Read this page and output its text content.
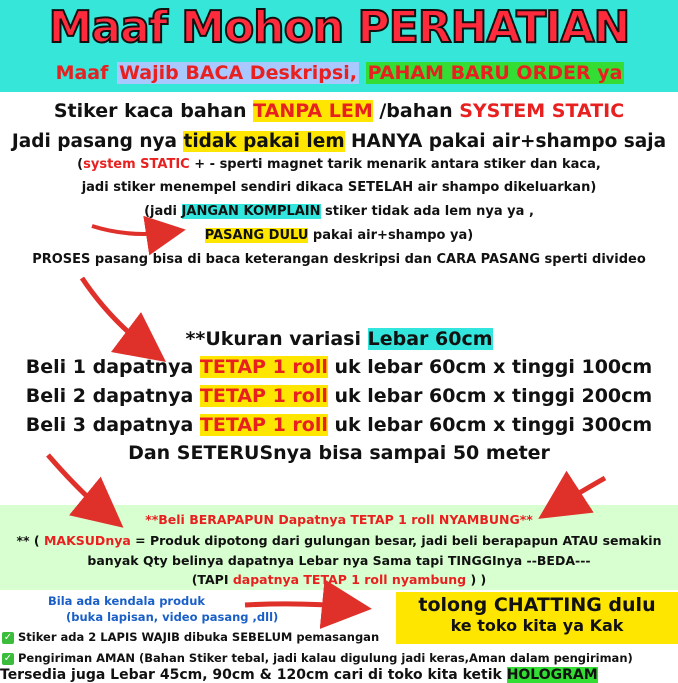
Maaf Mohon PERHATIAN
Maaf Wajib BACA Deskripsi, PAHAM BARU ORDER ya
Stiker kaca bahan TANPA LEM /bahan SYSTEM STATIC
Jadi pasang nya tidak pakai lem HANYA pakai air+shampo saja
(system STATIC + - sperti magnet tarik menarik antara stiker dan kaca,
jadi stiker menempel sendiri dikaca SETELAH air shampo dikeluarkan)
(jadi JANGAN KOMPLAIN stiker tidak ada lem nya ya ,
PASANG DULU pakai air+shampo ya)
PROSES pasang bisa di baca keterangan deskripsi dan CARA PASANG sperti divideo
**Ukuran variasi Lebar 60cm
Beli 1 dapatnya TETAP 1 roll uk lebar 60cm x tinggi 100cm
Beli 2 dapatnya TETAP 1 roll uk lebar 60cm x tinggi 200cm
Beli 3 dapatnya TETAP 1 roll uk lebar 60cm x tinggi 300cm
Dan SETERUSnya bisa sampai 50 meter
**Beli BERAPAPUN Dapatnya TETAP 1 roll NYAMBUNG**
** ( MAKSUDnya = Produk dipotong dari gulungan besar, jadi beli berapapun ATAU semakin
banyak Qty belinya dapatnya Lebar nya Sama tapi TINGGInya --BEDA---
(TAPI dapatnya TETAP 1 roll nyambung ) )
Bila ada kendala produk
(buka lapisan, video pasang ,dll)
tolong CHATTING dulu
ke toko kita ya Kak
✓ Stiker ada 2 LAPIS WAJIB dibuka SEBELUM pemasangan
✓ Pengiriman AMAN (Bahan Stiker tebal, jadi kalau digulung jadi keras,Aman dalam pengiriman)
Tersedia juga Lebar 45cm, 90cm & 120cm cari di toko kita ketik HOLOGRAM
